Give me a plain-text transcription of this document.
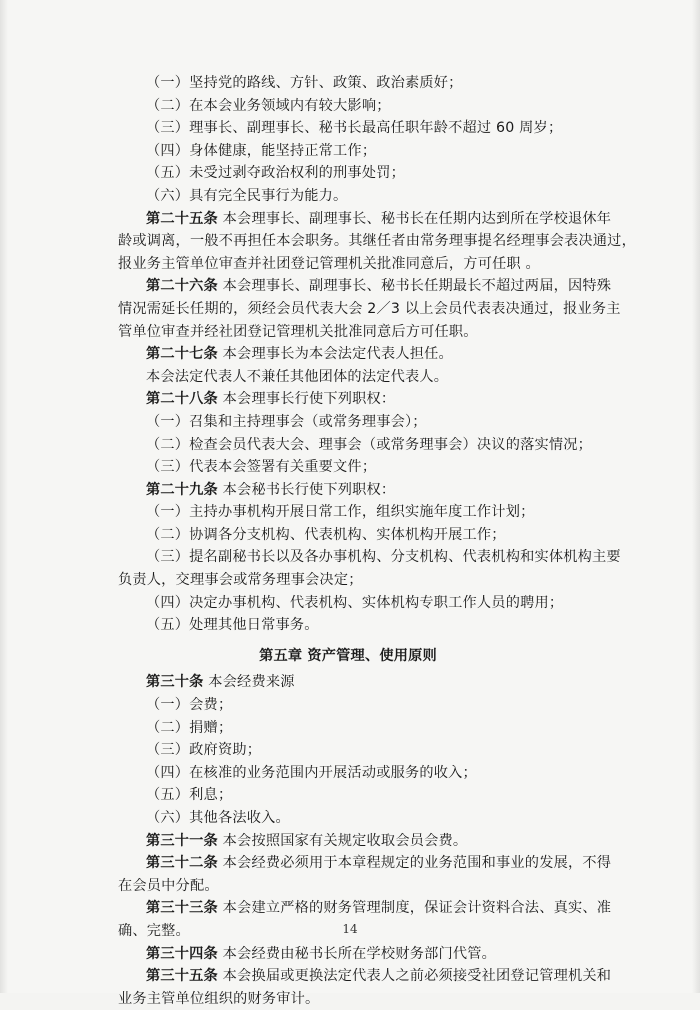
（一）坚持党的路线、方针、政策、政治素质好；
（二）在本会业务领域内有较大影响；
（三）理事长、副理事长、秘书长最高任职年龄不超过 60 周岁；
（四）身体健康，能坚持正常工作；
（五）未受过剥夺政治权利的刑事处罚；
（六）具有完全民事行为能力。
第二十五条 本会理事长、副理事长、秘书长在任期内达到所在学校退休年
龄或调离，一般不再担任本会职务。其继任者由常务理事提名经理事会表决通过，
报业务主管单位审查并社团登记管理机关批准同意后，方可任职 。
第二十六条 本会理事长、副理事长、秘书长任期最长不超过两届，因特殊
情况需延长任期的，须经会员代表大会 2／3 以上会员代表表决通过，报业务主
管单位审查并经社团登记管理机关批准同意后方可任职。
第二十七条 本会理事长为本会法定代表人担任。
本会法定代表人不兼任其他团体的法定代表人。
第二十八条 本会理事长行使下列职权：
（一）召集和主持理事会（或常务理事会）；
（二）检查会员代表大会、理事会（或常务理事会）决议的落实情况；
（三）代表本会签署有关重要文件；
第二十九条 本会秘书长行使下列职权：
（一）主持办事机构开展日常工作，组织实施年度工作计划；
（二）协调各分支机构、代表机构、实体机构开展工作；
（三）提名副秘书长以及各办事机构、分支机构、代表机构和实体机构主要
负责人，交理事会或常务理事会决定；
（四）决定办事机构、代表机构、实体机构专职工作人员的聘用；
（五）处理其他日常事务。
第五章 资产管理、使用原则
第三十条 本会经费来源
（一）会费；
（二）捐赠；
（三）政府资助；
（四）在核准的业务范围内开展活动或服务的收入；
（五）利息；
（六）其他各法收入。
第三十一条 本会按照国家有关规定收取会员会费。
第三十二条 本会经费必须用于本章程规定的业务范围和事业的发展，不得
在会员中分配。
第三十三条 本会建立严格的财务管理制度，保证会计资料合法、真实、准
确、完整。
第三十四条 本会经费由秘书长所在学校财务部门代管。
第三十五条 本会换届或更换法定代表人之前必须接受社团登记管理机关和
业务主管单位组织的财务审计。
14
